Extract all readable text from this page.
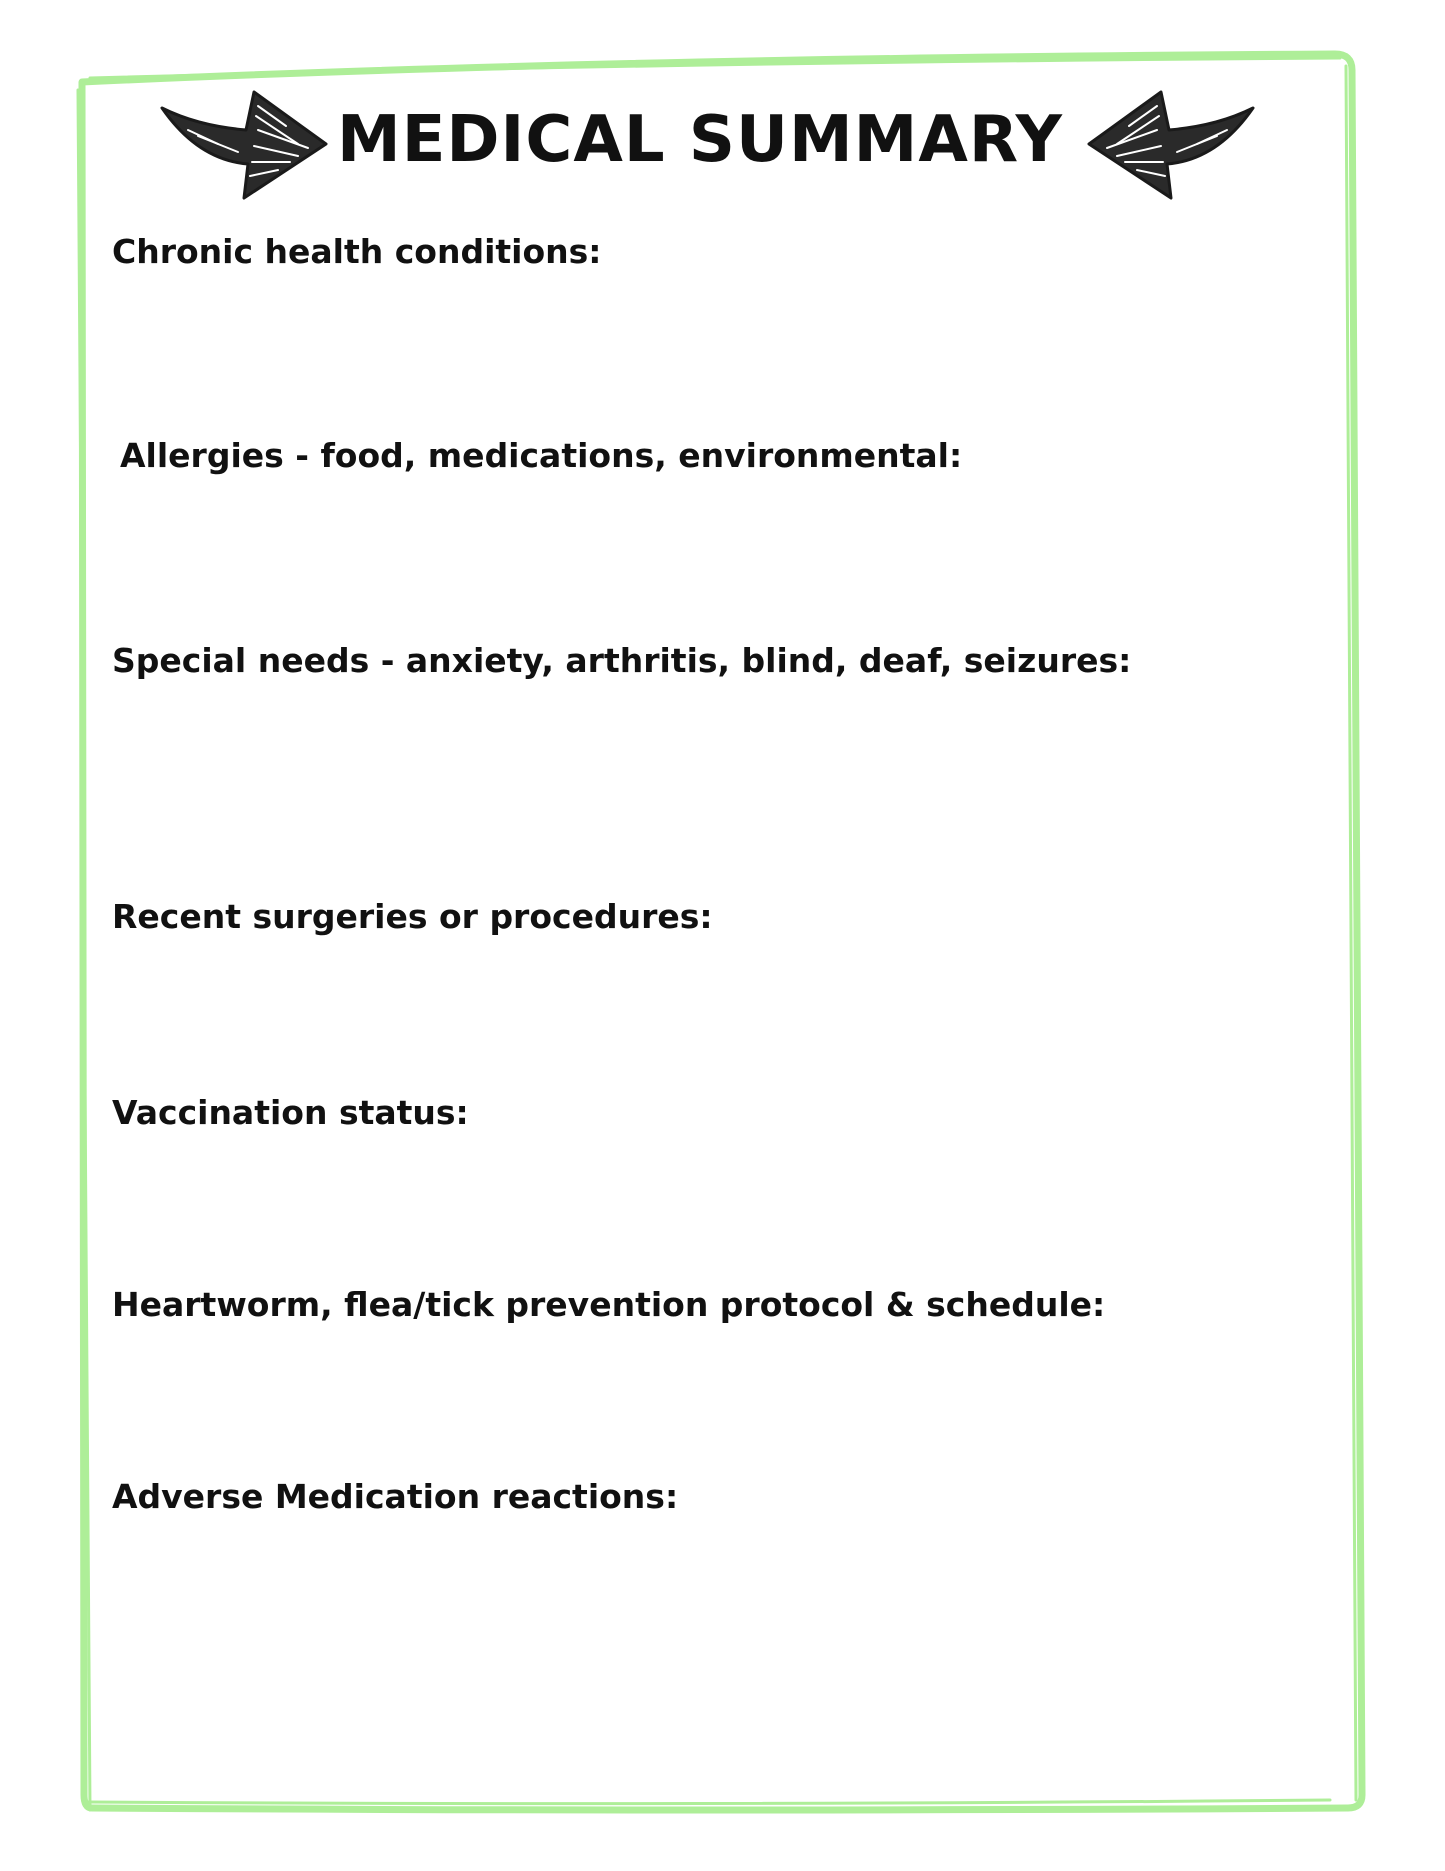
MEDICAL SUMMARY

Chronic health conditions:

Allergies - food, medications, environmental:

Special needs - anxiety, arthritis, blind, deaf, seizures:

Recent surgeries or procedures:

Vaccination status:

Heartworm, flea/tick prevention protocol & schedule:

Adverse Medication reactions:
